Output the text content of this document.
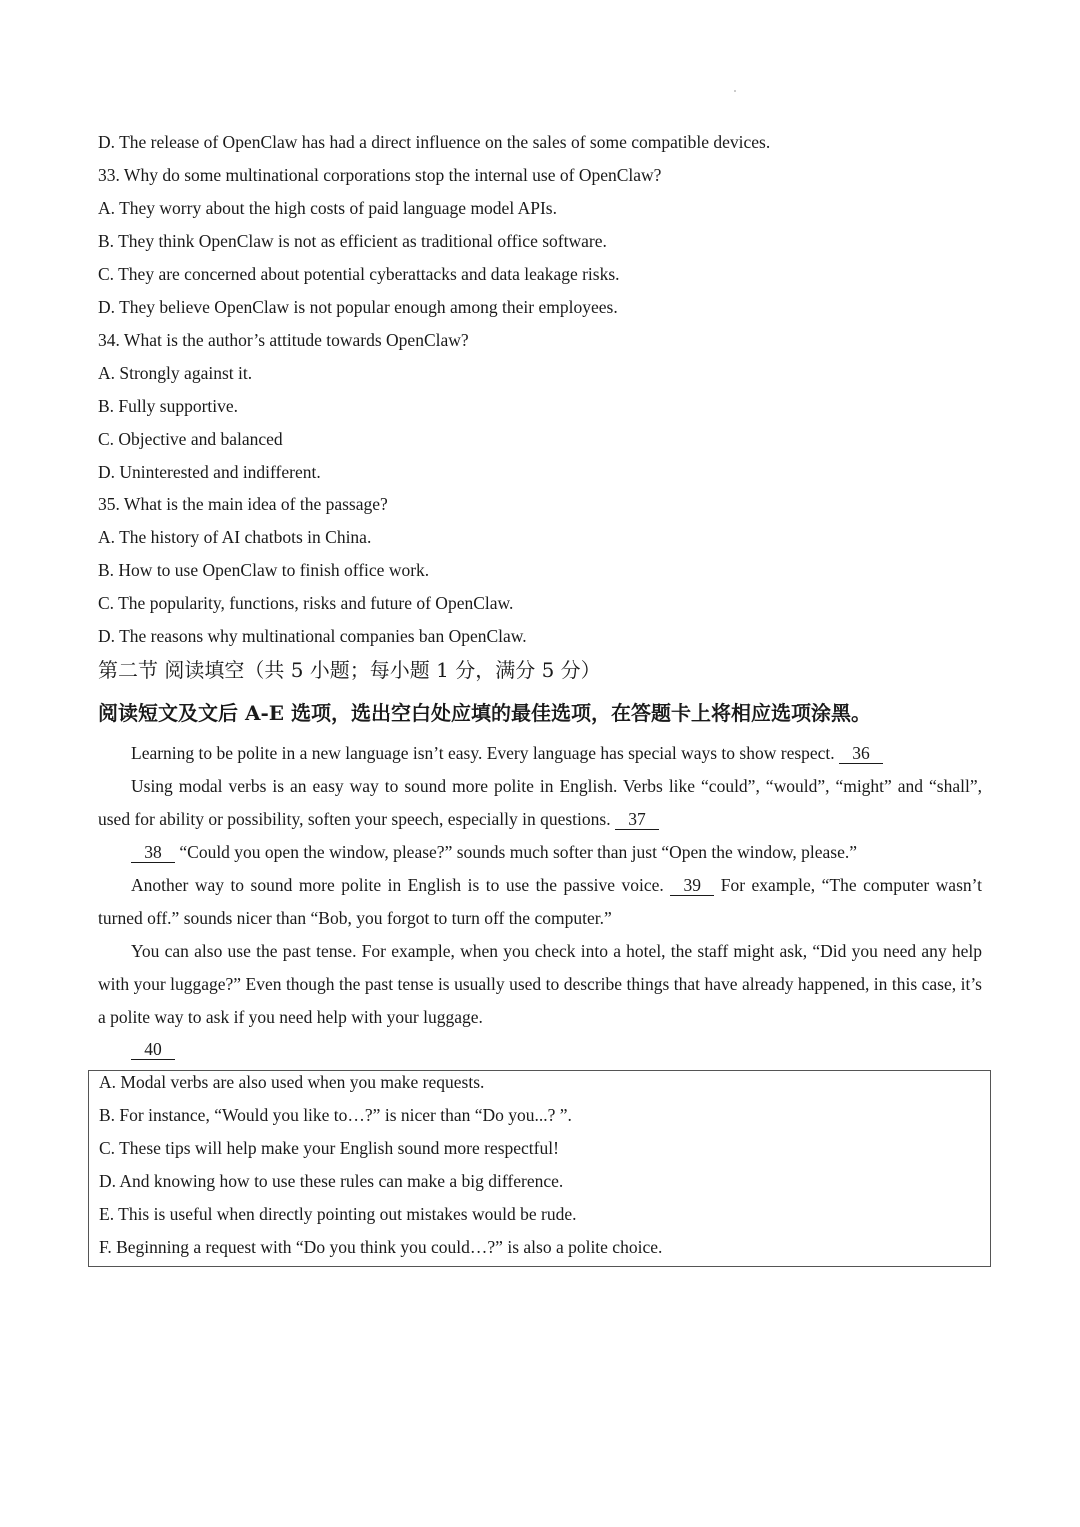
D. The release of OpenClaw has had a direct influence on the sales of some compatible devices.
33. Why do some multinational corporations stop the internal use of OpenClaw?
A. They worry about the high costs of paid language model APIs.
B. They think OpenClaw is not as efficient as traditional office software.
C. They are concerned about potential cyberattacks and data leakage risks.
D. They believe OpenClaw is not popular enough among their employees.
34. What is the author’s attitude towards OpenClaw?
A. Strongly against it.
B. Fully supportive.
C. Objective and balanced
D. Uninterested and indifferent.
35. What is the main idea of the passage?
A. The history of AI chatbots in China.
B. How to use OpenClaw to finish office work.
C. The popularity, functions, risks and future of OpenClaw.
D. The reasons why multinational companies ban OpenClaw.
第二节 阅读填空（共 5 小题；每小题 1 分，满分 5 分）
阅读短文及文后 A-E 选项，选出空白处应填的最佳选项，在答题卡上将相应选项涂黑。
Learning to be polite in a new language isn’t easy. Every language has special ways to show respect. 36
Using modal verbs is an easy way to sound more polite in English. Verbs like “could”, “would”, “might” and “shall”, used for ability or possibility, soften your speech, especially in questions. 37
38 “Could you open the window, please?” sounds much softer than just “Open the window, please.”
Another way to sound more polite in English is to use the passive voice. 39 For example, “The computer wasn’t turned off.” sounds nicer than “Bob, you forgot to turn off the computer.”
You can also use the past tense. For example, when you check into a hotel, the staff might ask, “Did you need any help with your luggage?” Even though the past tense is usually used to describe things that have already happened, in this case, it’s a polite way to ask if you need help with your luggage.
40
A. Modal verbs are also used when you make requests.
B. For instance, “Would you like to…?” is nicer than “Do you...? ”.
C. These tips will help make your English sound more respectful!
D. And knowing how to use these rules can make a big difference.
E. This is useful when directly pointing out mistakes would be rude.
F. Beginning a request with “Do you think you could…?” is also a polite choice.
